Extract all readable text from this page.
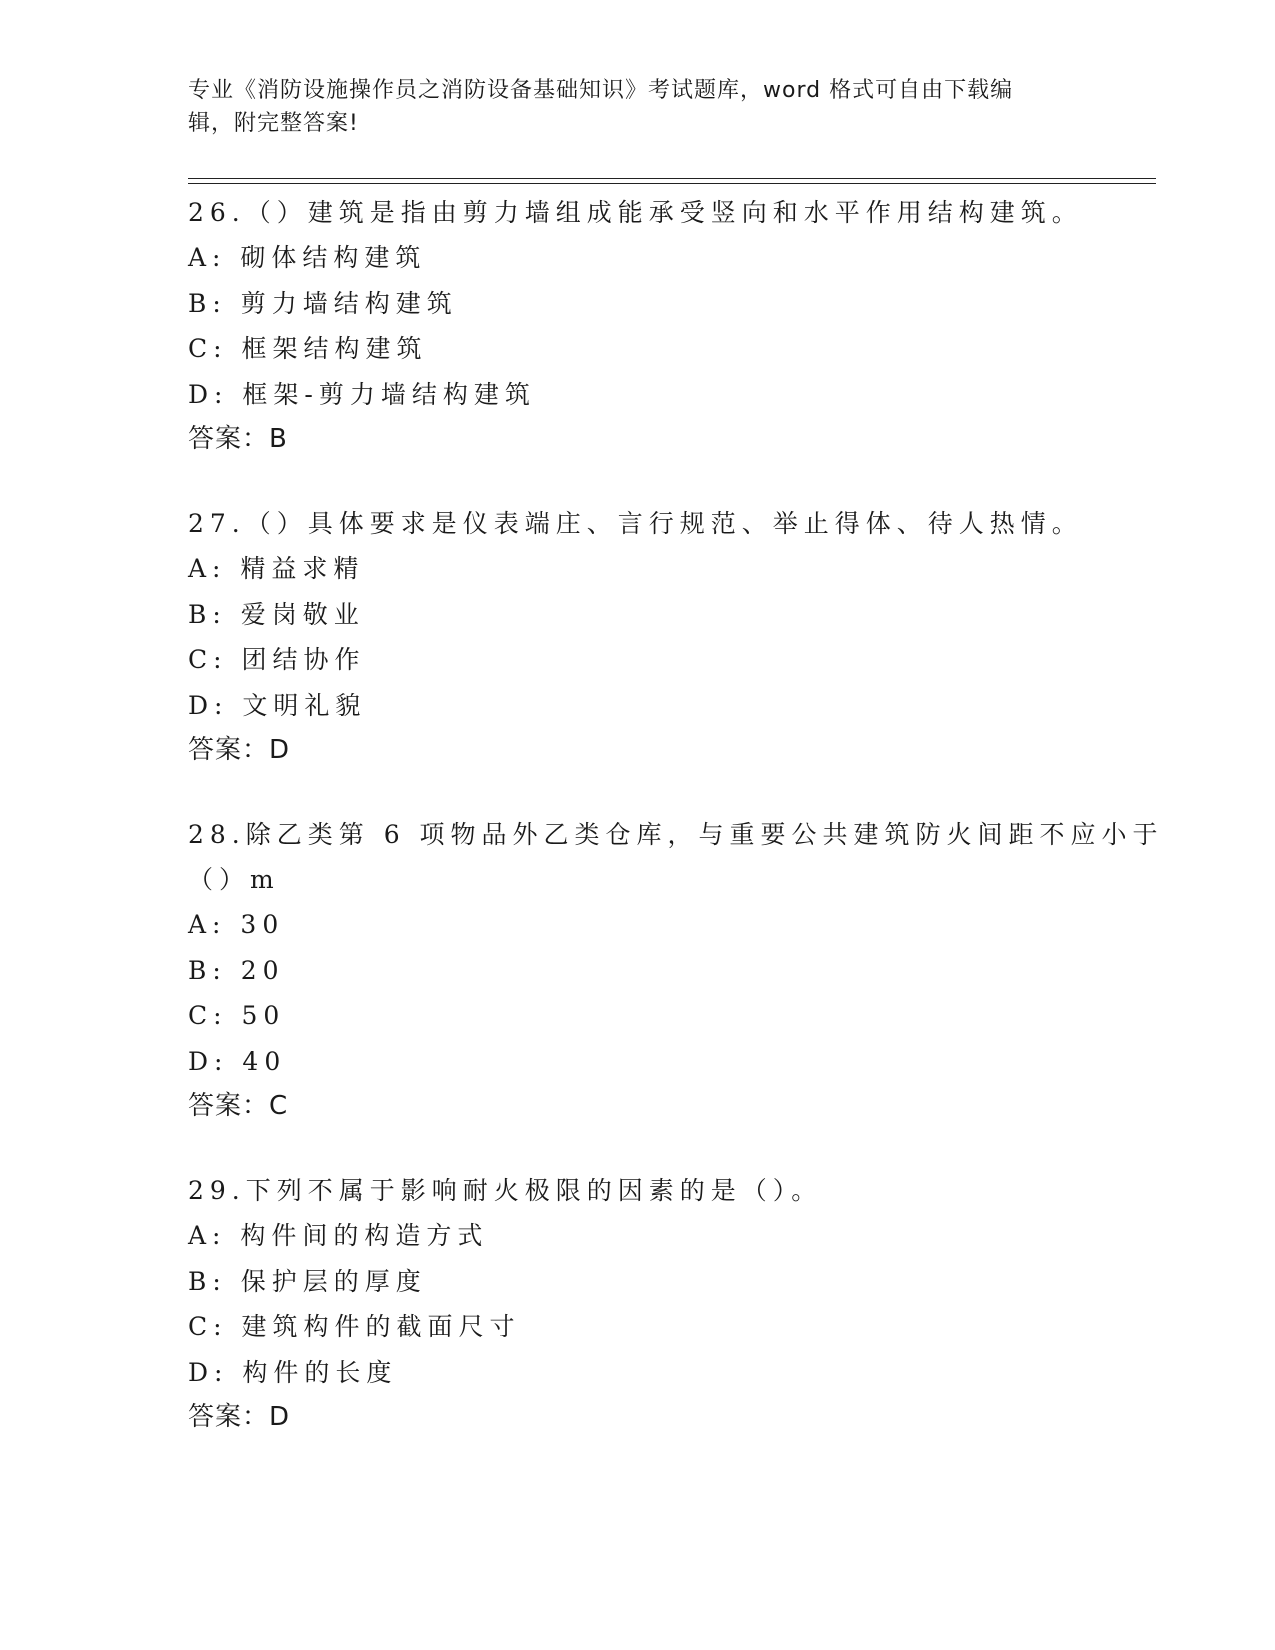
专业《消防设施操作员之消防设备基础知识》考试题库，word 格式可自由下载编
辑，附完整答案!
26.（）建筑是指由剪力墙组成能承受竖向和水平作用结构建筑。
A: 砌体结构建筑
B: 剪力墙结构建筑
C: 框架结构建筑
D: 框架-剪力墙结构建筑
答案：B
27.（）具体要求是仪表端庄、言行规范、举止得体、待人热情。
A: 精益求精
B: 爱岗敬业
C: 团结协作
D: 文明礼貌
答案：D
28.除乙类第 6 项物品外乙类仓库，与重要公共建筑防火间距不应小于
（）m
A: 30
B: 20
C: 50
D: 40
答案：C
29.下列不属于影响耐火极限的因素的是（）。
A: 构件间的构造方式
B: 保护层的厚度
C: 建筑构件的截面尺寸
D: 构件的长度
答案：D
